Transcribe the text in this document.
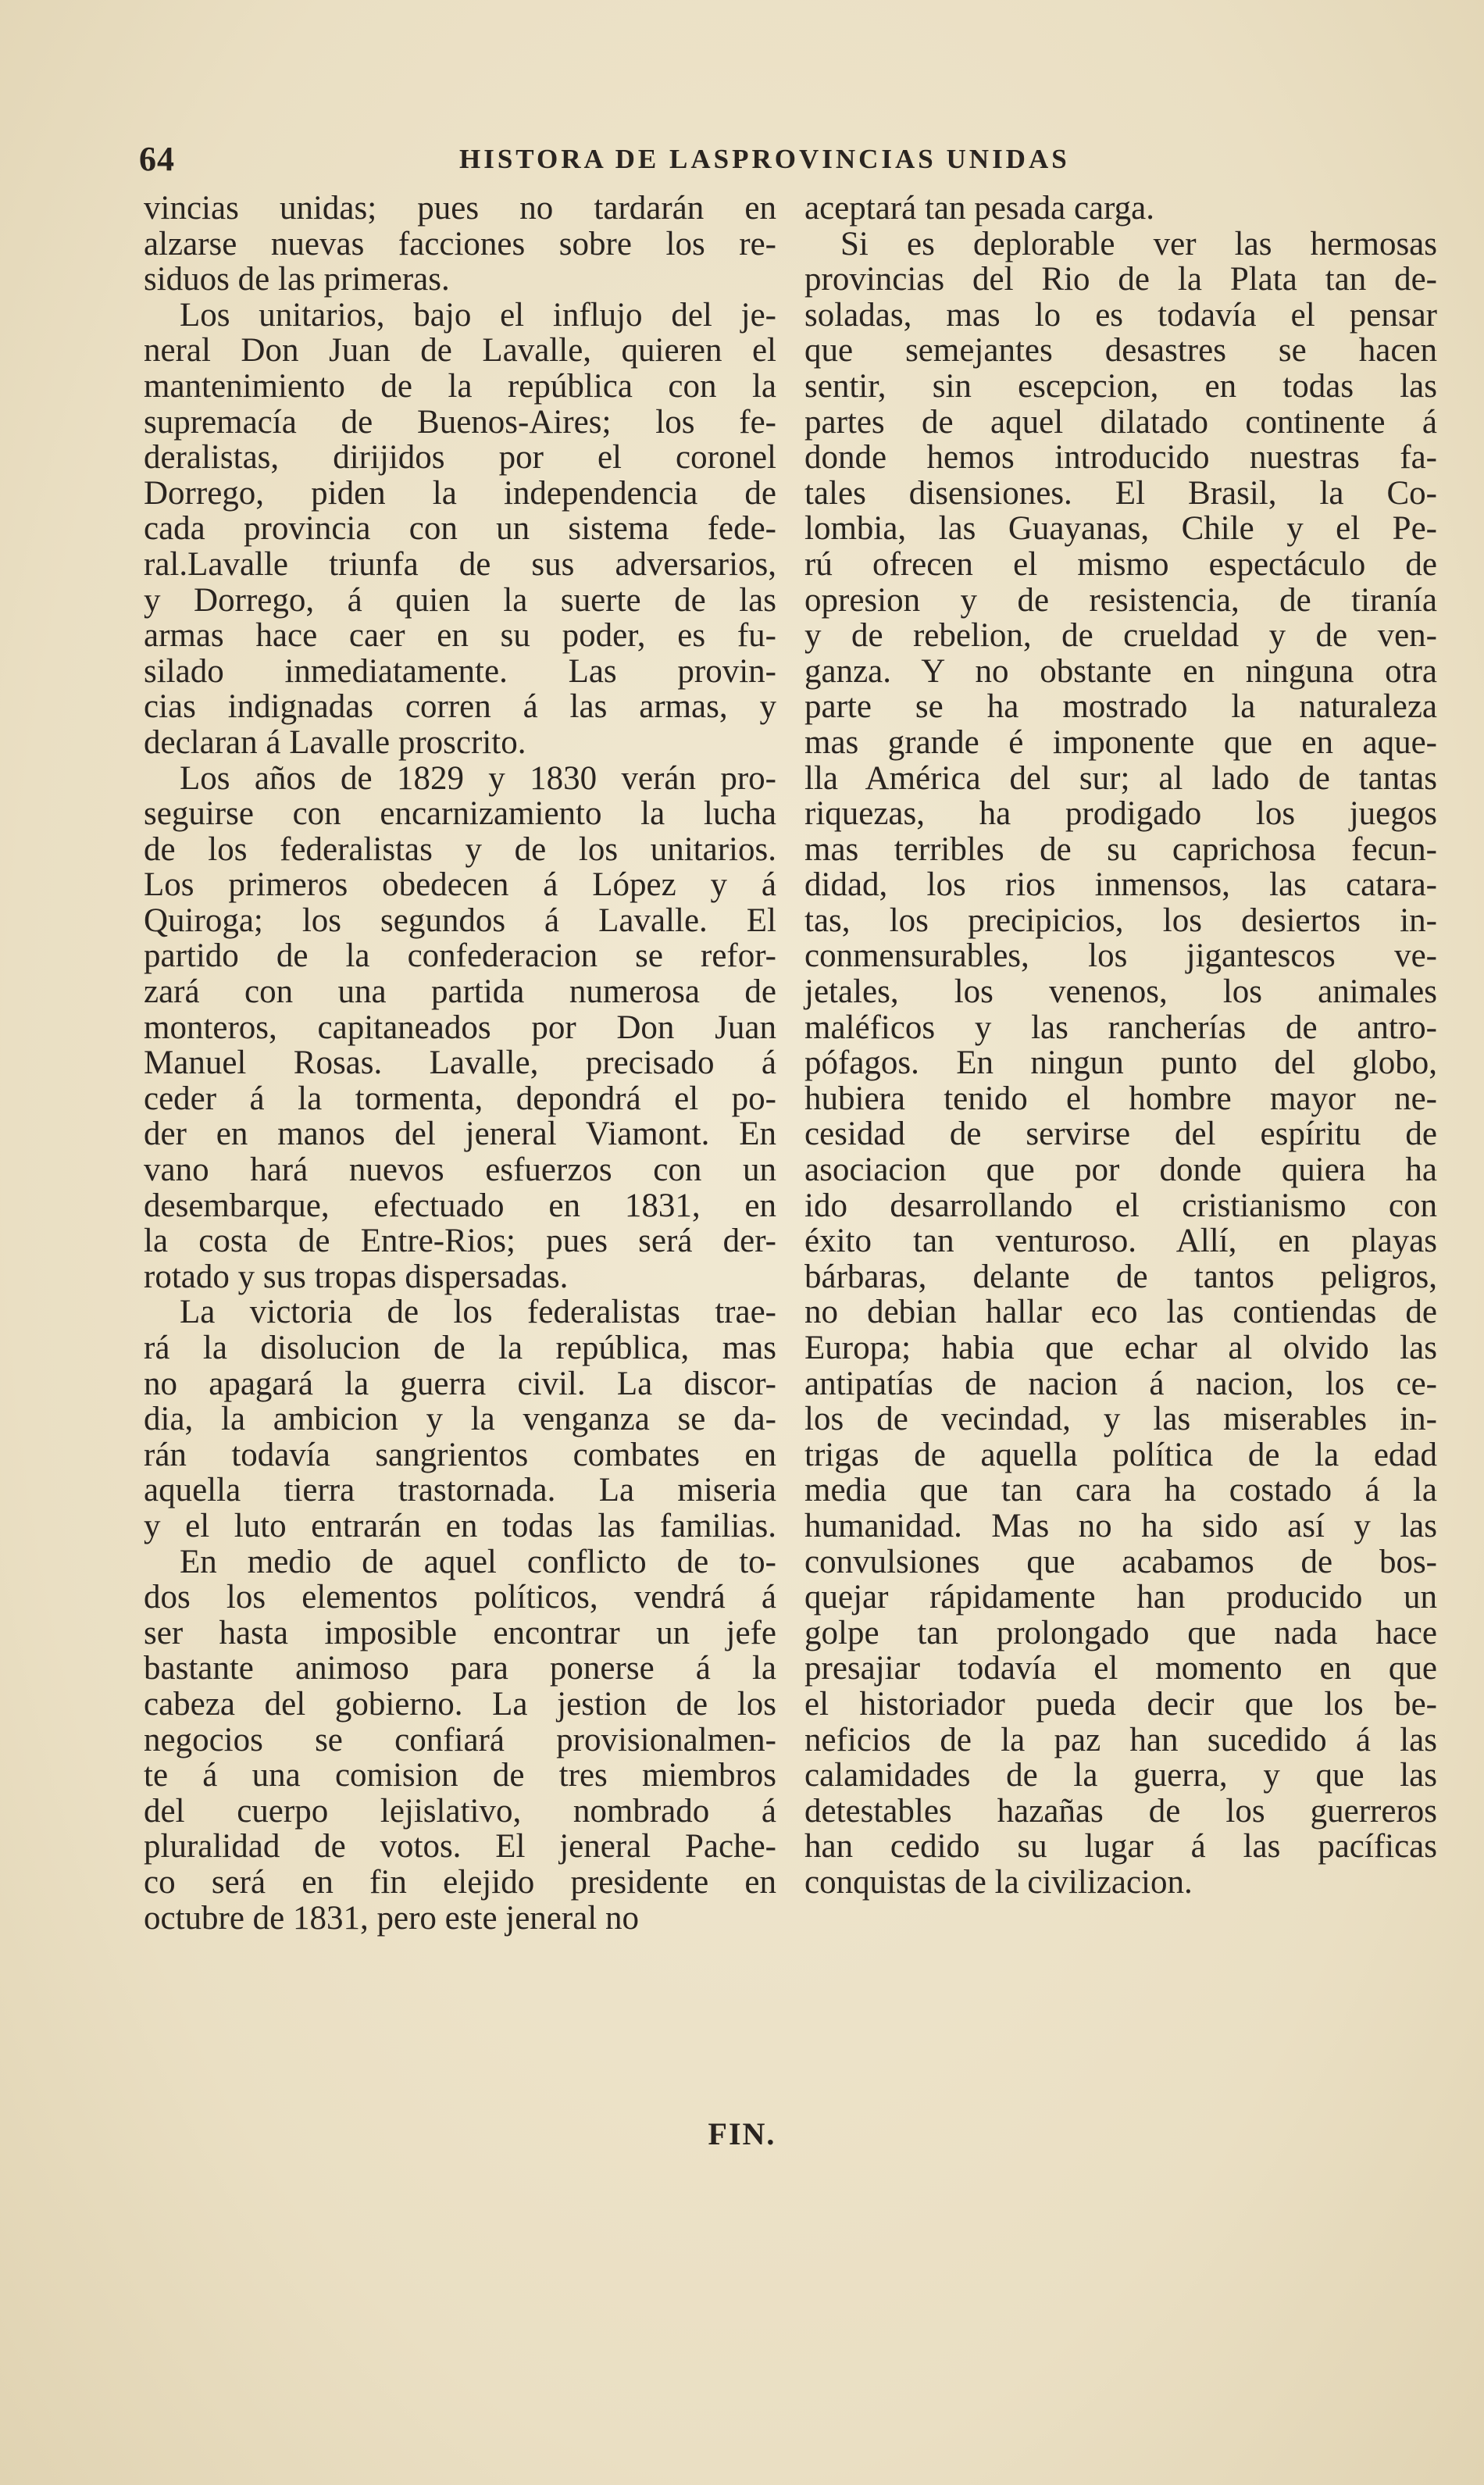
64	HISTORA DE LASPROVINCIAS UNIDAS
vincias unidas; pues no tardarán en
alzarse nuevas facciones sobre los re-
siduos de las primeras.
Los unitarios, bajo el influjo del je-
neral Don Juan de Lavalle, quieren el
mantenimiento de la república con la
supremacía de Buenos-Aires; los fe-
deralistas, dirijidos por el coronel
Dorrego, piden la independencia de
cada provincia con un sistema fede-
ral.Lavalle triunfa de sus adversarios,
y Dorrego, á quien la suerte de las
armas hace caer en su poder, es fu-
silado inmediatamente. Las provin-
cias indignadas corren á las armas, y
declaran á Lavalle proscrito.
Los años de 1829 y 1830 verán pro-
seguirse con encarnizamiento la lucha
de los federalistas y de los unitarios.
Los primeros obedecen á López y á
Quiroga; los segundos á Lavalle. El
partido de la confederacion se refor-
zará con una partida numerosa de
monteros, capitaneados por Don Juan
Manuel Rosas. Lavalle, precisado á
ceder á la tormenta, depondrá el po-
der en manos del jeneral Viamont. En
vano hará nuevos esfuerzos con un
desembarque, efectuado en 1831, en
la costa de Entre-Rios; pues será der-
rotado y sus tropas dispersadas.
La victoria de los federalistas trae-
rá la disolucion de la república, mas
no apagará la guerra civil. La discor-
dia, la ambicion y la venganza se da-
rán todavía sangrientos combates en
aquella tierra trastornada. La miseria
y el luto entrarán en todas las familias.
En medio de aquel conflicto de to-
dos los elementos políticos, vendrá á
ser hasta imposible encontrar un jefe
bastante animoso para ponerse á la
cabeza del gobierno. La jestion de los
negocios se confiará provisionalmen-
te á una comision de tres miembros
del cuerpo lejislativo, nombrado á
pluralidad de votos. El jeneral Pache-
co será en fin elejido presidente en
octubre de 1831, pero este jeneral no
aceptará tan pesada carga.
Si es deplorable ver las hermosas
provincias del Rio de la Plata tan de-
soladas, mas lo es todavía el pensar
que semejantes desastres se hacen
sentir, sin escepcion, en todas las
partes de aquel dilatado continente á
donde hemos introducido nuestras fa-
tales disensiones. El Brasil, la Co-
lombia, las Guayanas, Chile y el Pe-
rú ofrecen el mismo espectáculo de
opresion y de resistencia, de tiranía
y de rebelion, de crueldad y de ven-
ganza. Y no obstante en ninguna otra
parte se ha mostrado la naturaleza
mas grande é imponente que en aque-
lla América del sur; al lado de tantas
riquezas, ha prodigado los juegos
mas terribles de su caprichosa fecun-
didad, los rios inmensos, las catara-
tas, los precipicios, los desiertos in-
conmensurables, los jigantescos ve-
jetales, los venenos, los animales
maléficos y las rancherías de antro-
pófagos. En ningun punto del globo,
hubiera tenido el hombre mayor ne-
cesidad de servirse del espíritu de
asociacion que por donde quiera ha
ido desarrollando el cristianismo con
éxito tan venturoso. Allí, en playas
bárbaras, delante de tantos peligros,
no debian hallar eco las contiendas de
Europa; habia que echar al olvido las
antipatías de nacion á nacion, los ce-
los de vecindad, y las miserables in-
trigas de aquella política de la edad
media que tan cara ha costado á la
humanidad. Mas no ha sido así y las
convulsiones que acabamos de bos-
quejar rápidamente han producido un
golpe tan prolongado que nada hace
presajiar todavía el momento en que
el historiador pueda decir que los be-
neficios de la paz han sucedido á las
calamidades de la guerra, y que las
detestables hazañas de los guerreros
han cedido su lugar á las pacíficas
conquistas de la civilizacion.
FIN.
